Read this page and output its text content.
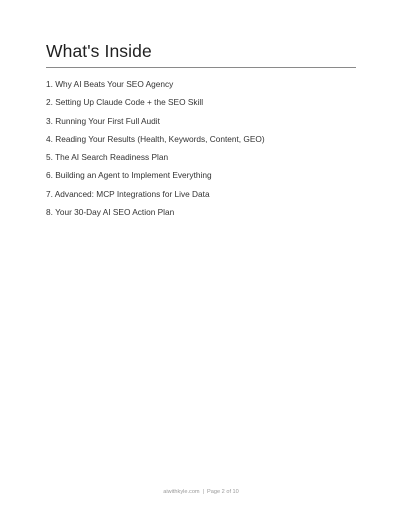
What's Inside
1. Why AI Beats Your SEO Agency
2. Setting Up Claude Code + the SEO Skill
3. Running Your First Full Audit
4. Reading Your Results (Health, Keywords, Content, GEO)
5. The AI Search Readiness Plan
6. Building an Agent to Implement Everything
7. Advanced: MCP Integrations for Live Data
8. Your 30-Day AI SEO Action Plan
aiwithkyle.com | Page 2 of 10
